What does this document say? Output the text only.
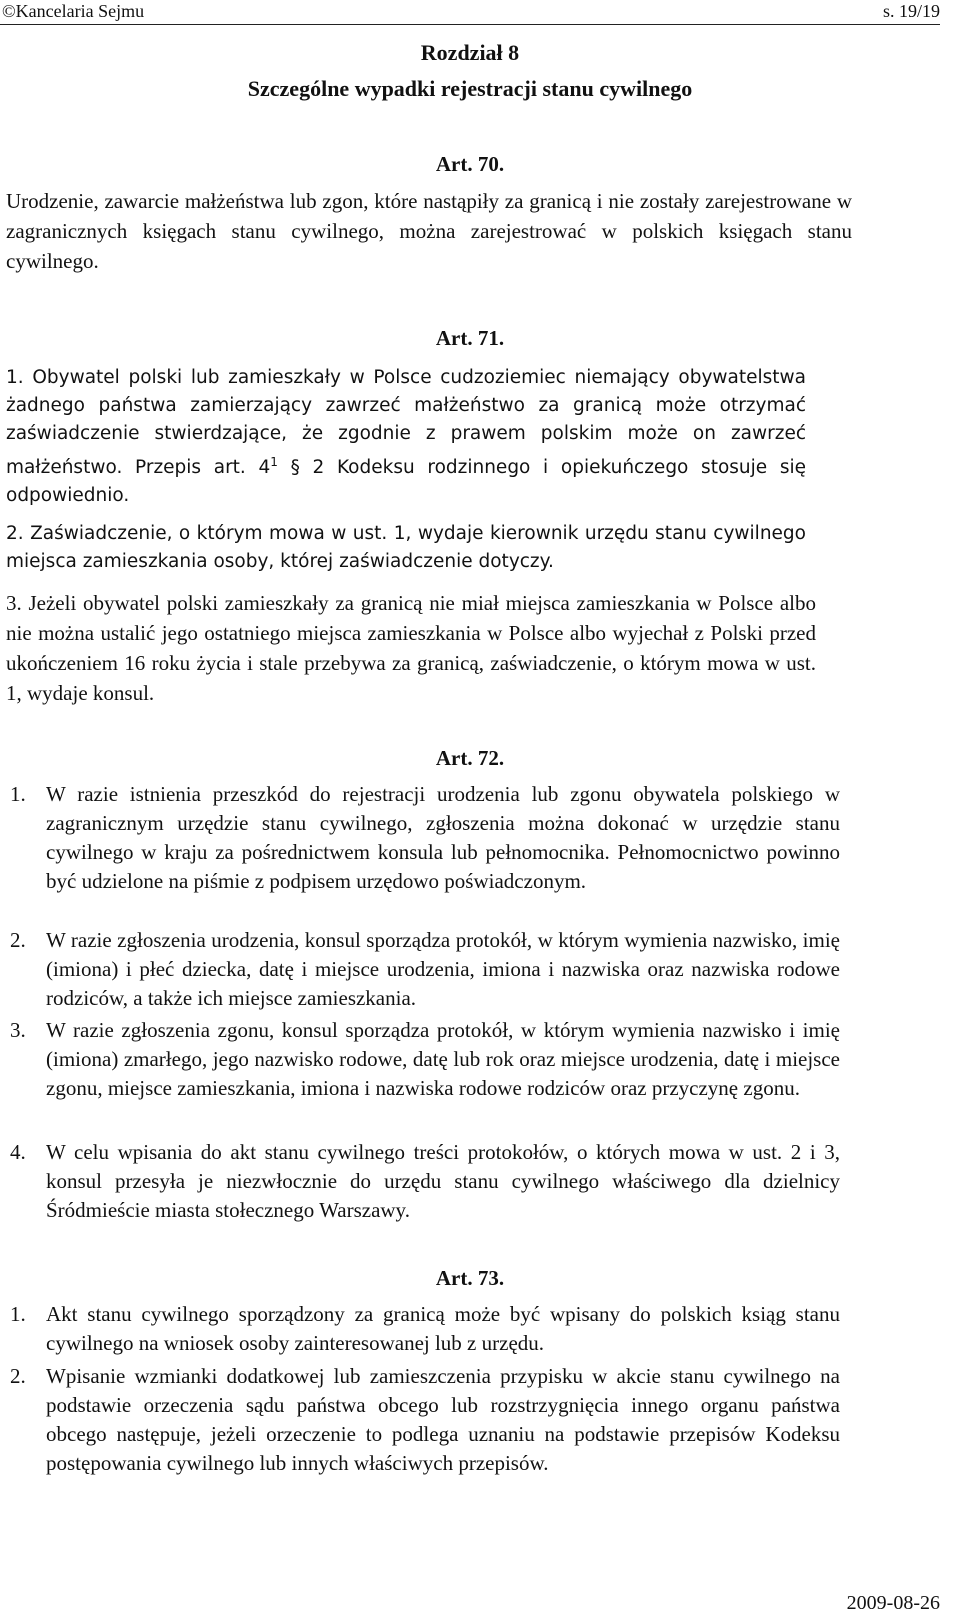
©Kancelaria Sejmu	s. 19/19
Rozdział 8
Szczególne wypadki rejestracji stanu cywilnego
Art. 70.
Urodzenie, zawarcie małżeństwa lub zgon, które nastąpiły za granicą i nie zostały zarejestrowane w zagranicznych księgach stanu cywilnego, można zarejestrować w polskich księgach stanu cywilnego.
Art. 71.
1. Obywatel polski lub zamieszkały w Polsce cudzoziemiec niemający obywatelstwa żadnego państwa zamierzający zawrzeć małżeństwo za granicą może otrzymać zaświadczenie stwierdzające, że zgodnie z prawem polskim może on zawrzeć małżeństwo. Przepis art. $4^1$ § 2 Kodeksu rodzinnego i opiekuńczego stosuje się odpowiednio.
2. Zaświadczenie, o którym mowa w ust. 1, wydaje kierownik urzędu stanu cywilnego miejsca zamieszkania osoby, której zaświadczenie dotyczy.
3. Jeżeli obywatel polski zamieszkały za granicą nie miał miejsca zamieszkania w Polsce albo nie można ustalić jego ostatniego miejsca zamieszkania w Polsce albo wyjechał z Polski przed ukończeniem 16 roku życia i stale przebywa za granicą, zaświadczenie, o którym mowa w ust. 1, wydaje konsul.
Art. 72.
1. W razie istnienia przeszkód do rejestracji urodzenia lub zgonu obywatela polskiego w zagranicznym urzędzie stanu cywilnego, zgłoszenia można dokonać w urzędzie stanu cywilnego w kraju za pośrednictwem konsula lub pełnomocnika. Pełnomocnictwo powinno być udzielone na piśmie z podpisem urzędowo poświadczonym.
2. W razie zgłoszenia urodzenia, konsul sporządza protokół, w którym wymienia nazwisko, imię (imiona) i płeć dziecka, datę i miejsce urodzenia, imiona i nazwiska oraz nazwiska rodowe rodziców, a także ich miejsce zamieszkania.
3. W razie zgłoszenia zgonu, konsul sporządza protokół, w którym wymienia nazwisko i imię (imiona) zmarłego, jego nazwisko rodowe, datę lub rok oraz miejsce urodzenia, datę i miejsce zgonu, miejsce zamieszkania, imiona i nazwiska rodowe rodziców oraz przyczynę zgonu.
4. W celu wpisania do akt stanu cywilnego treści protokołów, o których mowa w ust. 2 i 3, konsul przesyła je niezwłocznie do urzędu stanu cywilnego właściwego dla dzielnicy Śródmieście miasta stołecznego Warszawy.
Art. 73.
1. Akt stanu cywilnego sporządzony za granicą może być wpisany do polskich ksiąg stanu cywilnego na wniosek osoby zainteresowanej lub z urzędu.
2. Wpisanie wzmianki dodatkowej lub zamieszczenia przypisku w akcie stanu cywilnego na podstawie orzeczenia sądu państwa obcego lub rozstrzygnięcia innego organu państwa obcego następuje, jeżeli orzeczenie to podlega uznaniu na podstawie przepisów Kodeksu postępowania cywilnego lub innych właściwych przepisów.
2009-08-26
